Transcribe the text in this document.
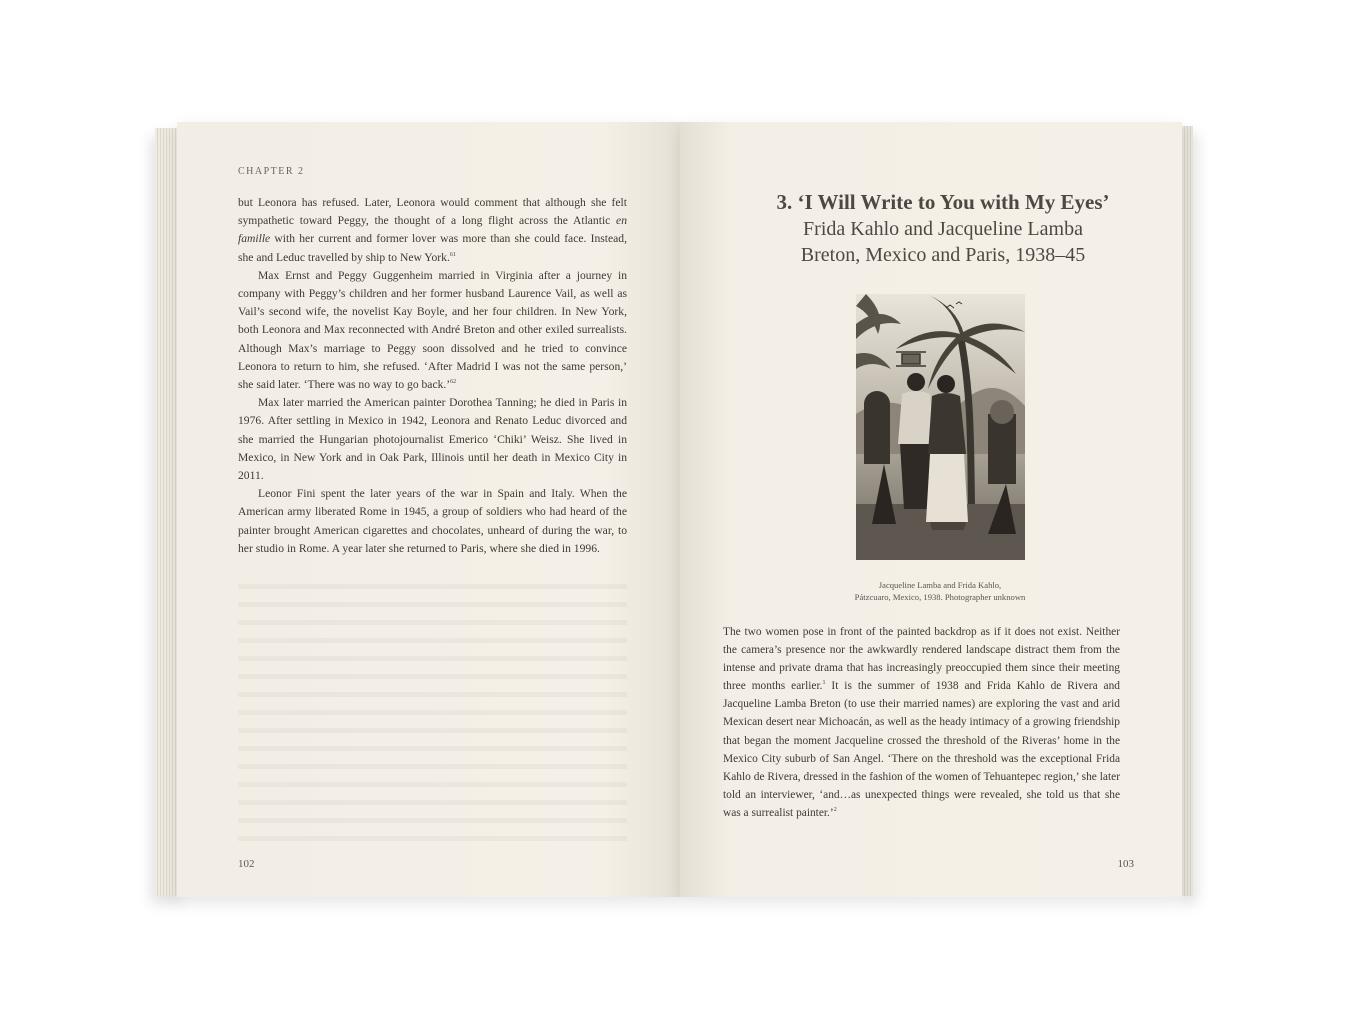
CHAPTER 2

but Leonora has refused. Later, Leonora would comment that although she felt sympathetic toward Peggy, the thought of a long flight across the Atlantic en famille with her current and former lover was more than she could face. Instead, she and Leduc travelled by ship to New York.$^{61}$

Max Ernst and Peggy Guggenheim married in Virginia after a journey in company with Peggy’s children and her former husband Laurence Vail, as well as Vail’s second wife, the novelist Kay Boyle, and her four children. In New York, both Leonora and Max reconnected with André Breton and other exiled surrealists. Although Max’s marriage to Peggy soon dissolved and he tried to convince Leonora to return to him, she refused. ‘After Madrid I was not the same person,’ she said later. ‘There was no way to go back.’$^{62}$

Max later married the American painter Dorothea Tanning; he died in Paris in 1976. After settling in Mexico in 1942, Leonora and Renato Leduc divorced and she married the Hungarian photojournalist Emerico ‘Chiki’ Weisz. She lived in Mexico, in New York and in Oak Park, Illinois until her death in Mexico City in 2011.

Leonor Fini spent the later years of the war in Spain and Italy. When the American army liberated Rome in 1945, a group of soldiers who had heard of the painter brought American cigarettes and chocolates, unheard of during the war, to her studio in Rome. A year later she returned to Paris, where she died in 1996.

102
3. ‘I Will Write to You with My Eyes’
Frida Kahlo and Jacqueline Lamba
Breton, Mexico and Paris, 1938–45
Jacqueline Lamba and Frida Kahlo,
Pátzcuaro, Mexico, 1938. Photographer unknown

The two women pose in front of the painted backdrop as if it does not exist. Neither the camera’s presence nor the awkwardly rendered landscape distract them from the intense and private drama that has increasingly preoccupied them since their meeting three months earlier.$^1$ It is the summer of 1938 and Frida Kahlo de Rivera and Jacqueline Lamba Breton (to use their married names) are exploring the vast and arid Mexican desert near Michoacán, as well as the heady intimacy of a growing friendship that began the moment Jacqueline crossed the threshold of the Riveras’ home in the Mexico City suburb of San Angel. ‘There on the threshold was the exceptional Frida Kahlo de Rivera, dressed in the fashion of the women of Tehuantepec region,’ she later told an interviewer, ‘and…as unexpected things were revealed, she told us that she was a surrealist painter.’$^2$

103
